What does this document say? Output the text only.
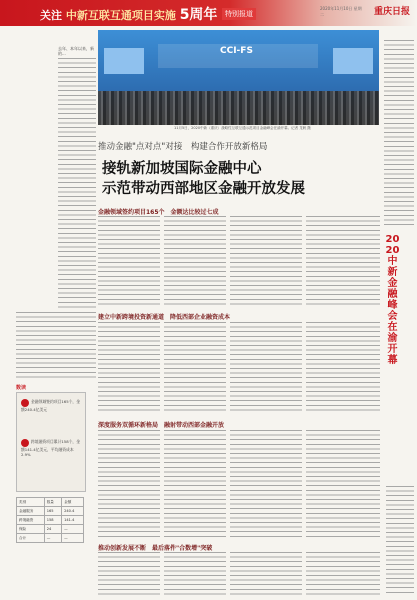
关注 中新互联互通项目实施 5周年	特别报道
2020年11月10日 星期二	重庆日报
去年、本年以来，新的...
数读
金融领域签约项目165个，金额240.4亿美元
跨境融资项目累计158个，金额141.4亿美元，平均融资成本2.9%
类别	数量	金额
金融服务	165	240.4
跨境融资	158	141.4
保险	24	—
合计	—	—
CCI-FS
11月5日，2020中新（重庆）战略性互联互通示范项目金融峰会在渝开幕。记者 龙帆 摄
推动金融"点对点"对接　构建合作开放新格局
接轨新加坡国际金融中心
示范带动西部地区金融开放发展
金融领域签约项目165个　金额达比较过七成
建立中新跨境投资新通道　降低西部企业融资成本
深度服务双循环新格局　融射带动西部金融开放
推动创新发展不断　最后落件"合数增"突破
2020中新金融峰会在渝开幕
